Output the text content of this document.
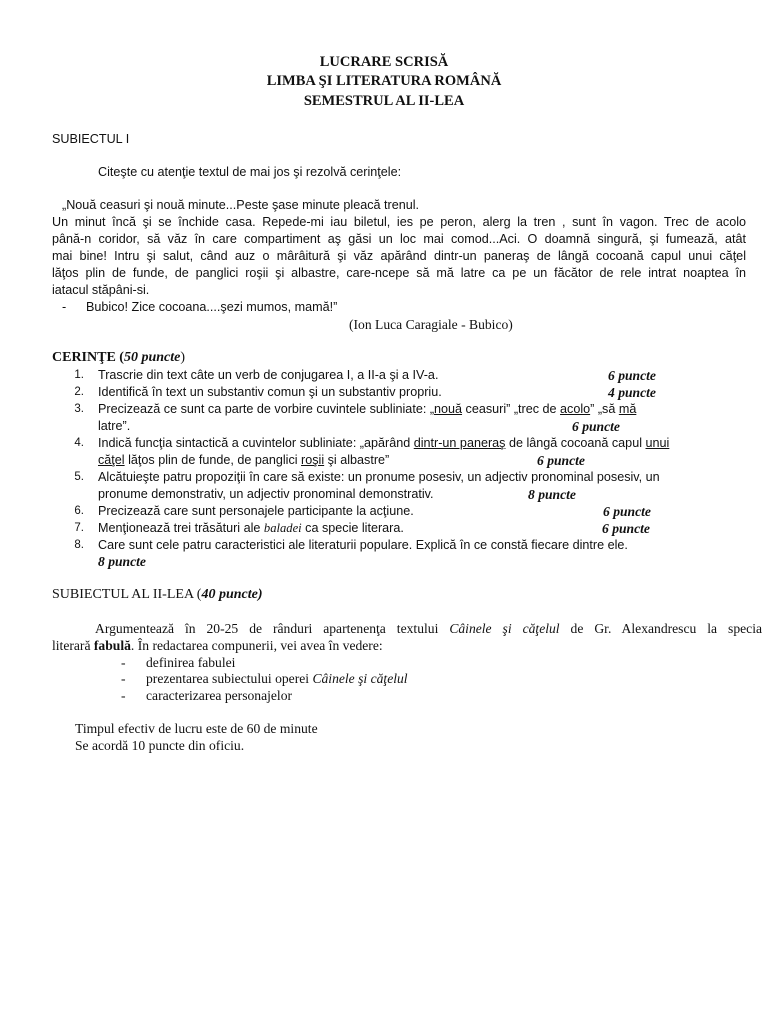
LUCRARE SCRISĂ
LIMBA ŞI LITERATURA ROMÂNĂ
SEMESTRUL AL II-LEA
SUBIECTUL I
Citeşte cu atenţie textul de mai jos şi rezolvă cerinţele:
„Nouă ceasuri şi nouă minute...Peste şase minute pleacă trenul.
Un minut încă şi se închide casa. Repede-mi iau biletul, ies pe peron, alerg la tren , sunt în vagon. Trec de acolo
până-n coridor, să văz în care compartiment aş găsi un loc mai comod...Aci. O doamnă singură, şi fumează, atât
mai bine! Intru şi salut, când auz o mârâitură şi văz apărând dintr-un paneraş de lângă cocoană capul unui căţel
lăţos plin de funde, de panglici roşii şi albastre, care-ncepe să mă latre ca pe un făcător de rele intrat noaptea în
iatacul stăpâni-si.
- Bubico! Zice cocoana....şezi mumos, mamă!”
(Ion Luca Caragiale - Bubico)
CERINŢE (50 puncte)
1. Trascrie din text câte un verb de conjugarea I, a II-a şi a IV-a.	6 puncte
2. Identifică în text un substantiv comun şi un substantiv propriu.	4 puncte
3. Precizează ce sunt ca parte de vorbire cuvintele subliniate: „nouă ceasuri” „trec de acolo” „să mă
latre”.	6 puncte
4. Indică funcţia sintactică a cuvintelor subliniate: „apărând dintr-un paneraş de lângă cocoană capul unui
căţel lăţos plin de funde, de panglici roşii şi albastre”	6 puncte
5. Alcătuieşte patru propoziţii în care să existe: un pronume posesiv, un adjectiv pronominal posesiv, un
pronume demonstrativ, un adjectiv pronominal demonstrativ.	8 puncte
6. Precizează care sunt personajele participante la acţiune.	6 puncte
7. Menţionează trei trăsături ale baladei ca specie literara.	6 puncte
8. Care sunt cele patru caracteristici ale literaturii populare. Explică în ce constă fiecare dintre ele.
8 puncte
SUBIECTUL AL II-LEA (40 puncte)
Argumentează în 20-25 de rânduri apartenenţa textului Câinele şi căţelul de Gr. Alexandrescu la specia
literară fabulă. În redactarea compunerii, vei avea în vedere:
- definirea fabulei
- prezentarea subiectului operei Câinele şi căţelul
- caracterizarea personajelor
Timpul efectiv de lucru este de 60 de minute
Se acordă 10 puncte din oficiu.
